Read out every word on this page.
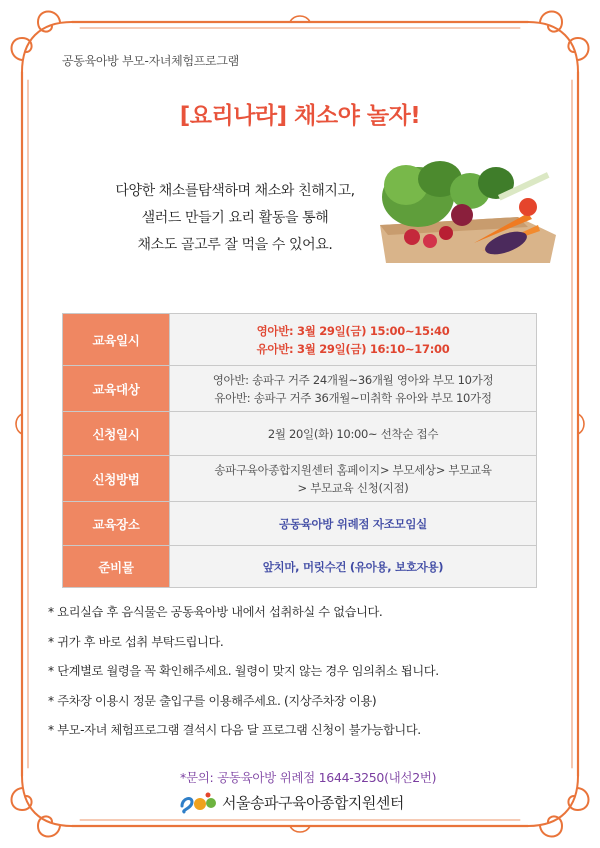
공동육아방 부모-자녀체험프로그램
[요리나라] 채소야 놀자!
다양한 채소를탐색하며 채소와 친해지고,
샐러드 만들기 요리 활동을 통해
채소도 골고루 잘 먹을 수 있어요.
교육일시	영아반: 3월 29일(금) 15:00~15:40
유아반: 3월 29일(금) 16:10~17:00

교육대상	영아반: 송파구 거주 24개월~36개월 영아와 부모 10가정
유아반: 송파구 거주 36개월~미취학 유아와 부모 10가정

신청일시	2월 20일(화) 10:00~ 선착순 접수

신청방법	송파구육아종합지원센터 홈페이지> 부모세상> 부모교육
> 부모교육 신청(지점)

교육장소	공동육아방 위례점 자조모임실

준비물	앞치마, 머릿수건 (유아용, 보호자용)
* 요리실습 후 음식물은 공동육아방 내에서 섭취하실 수 없습니다.
* 귀가 후 바로 섭취 부탁드립니다.
* 단계별로 월령을 꼭 확인해주세요. 월령이 맞지 않는 경우 임의취소 됩니다.
* 주차장 이용시 정문 출입구를 이용해주세요. (지상주차장 이용)
* 부모-자녀 체험프로그램 결석시 다음 달 프로그램 신청이 불가능합니다.
*문의: 공동육아방 위례점 1644-3250(내선2번)
서울송파구육아종합지원센터
